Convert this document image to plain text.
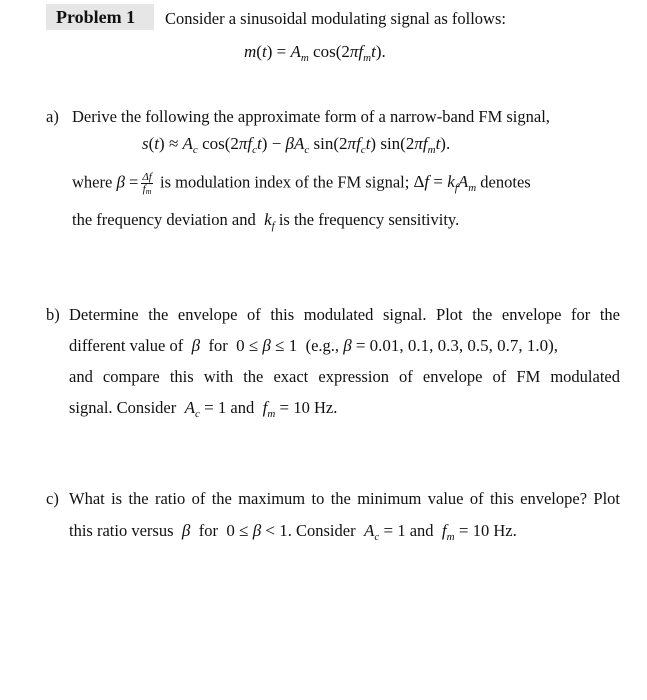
Problem 1 Consider a sinusoidal modulating signal as follows:
$m(t) = A_m$ $\cos(2\pi f_mt)$.
a) Derive the following the approximate form of a narrow-band FM signal,
$s(t) \approx A_c$ $\cos(2\pi f_ct) - \beta A_c$ $\sin(2\pi f_ct)$ $\sin(2\pi f_mt)$.
where $\beta = \frac{\Delta f}{f_m}$ is modulation index of the FM signal; $\Delta f = k_fA_m$ denotes
the frequency deviation and  $k_f$ is the frequency sensitivity.
b) Determine the envelope of this modulated signal. Plot the envelope for the
different value of  β  for 0 ≤ β ≤ 1 (e.g., β = 0.01, 0.1, 0.3, 0.5, 0.7, 1.0),
and compare this with the exact expression of envelope of FM modulated
signal. Consider  $A_c = 1$ and  $f_m = 10$ Hz.
c) What is the ratio of the maximum to the minimum value of this envelope? Plot
this ratio versus  β  for 0 ≤ β < 1. Consider  $A_c = 1$ and  $f_m = 10$ Hz.
